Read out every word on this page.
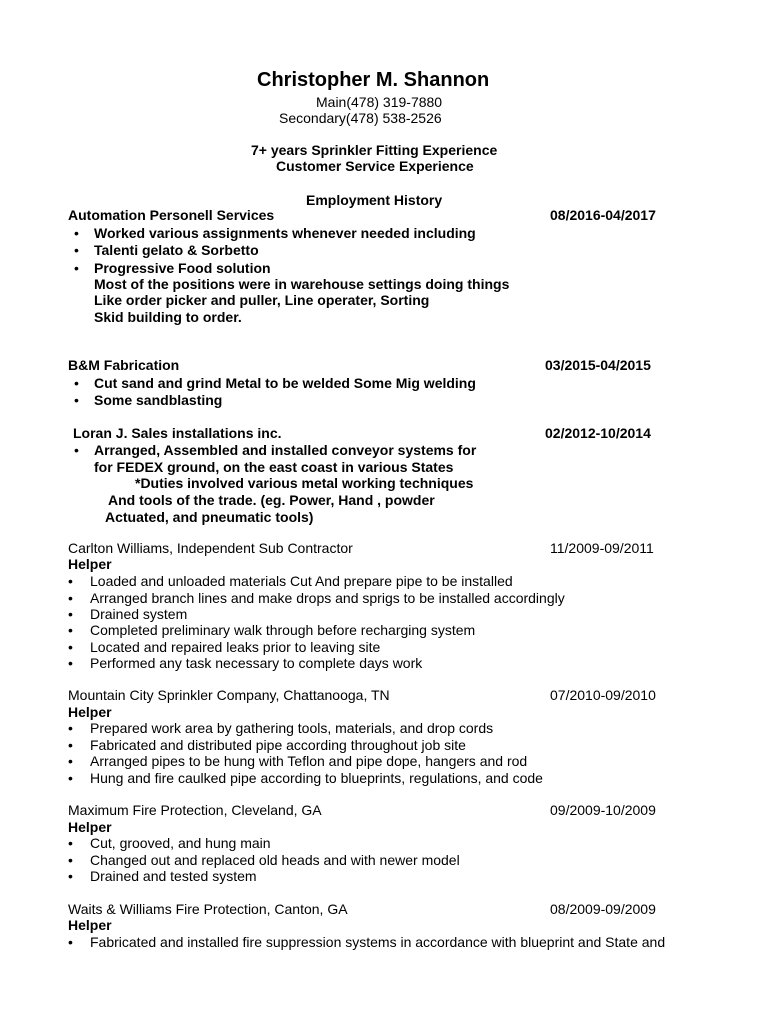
Christopher M. Shannon
Main(478) 319-7880
Secondary(478) 538-2526
7+ years Sprinkler Fitting Experience
Customer Service Experience
Employment History
Automation Personell Services	08/2016-04/2017
• Worked various assignments whenever needed including
• Talenti gelato & Sorbetto
• Progressive Food solution
Most of the positions were in warehouse settings doing things
Like order picker and puller, Line operater, Sorting
Skid building to order.
B&M Fabrication	03/2015-04/2015
• Cut sand and grind Metal to be welded Some Mig welding
• Some sandblasting
Loran J. Sales installations inc.	02/2012-10/2014
• Arranged, Assembled and installed conveyor systems for
for FEDEX ground, on the east coast in various States
*Duties involved various metal working techniques
And tools of the trade. (eg. Power, Hand , powder
Actuated, and pneumatic tools)
Carlton Williams, Independent Sub Contractor	11/2009-09/2011
Helper
• Loaded and unloaded materials Cut And prepare pipe to be installed
• Arranged branch lines and make drops and sprigs to be installed accordingly
• Drained system
• Completed preliminary walk through before recharging system
• Located and repaired leaks prior to leaving site
• Performed any task necessary to complete days work
Mountain City Sprinkler Company, Chattanooga, TN	07/2010-09/2010
Helper
• Prepared work area by gathering tools, materials, and drop cords
• Fabricated and distributed pipe according throughout job site
• Arranged pipes to be hung with Teflon and pipe dope, hangers and rod
• Hung and fire caulked pipe according to blueprints, regulations, and code
Maximum Fire Protection, Cleveland, GA	09/2009-10/2009
Helper
• Cut, grooved, and hung main
• Changed out and replaced old heads and with newer model
• Drained and tested system
Waits & Williams Fire Protection, Canton, GA	08/2009-09/2009
Helper
• Fabricated and installed fire suppression systems in accordance with blueprint and State and
